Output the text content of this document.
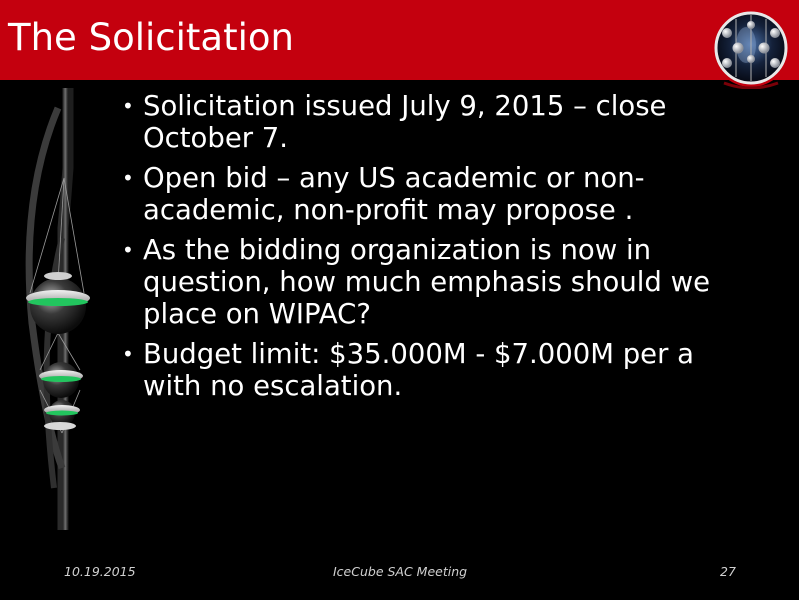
The Solicitation
• Solicitation issued July 9, 2015 – close October 7.
• Open bid – any US academic or non-academic, non-profit may propose .
• As the bidding organization is now in question, how much emphasis should we place on WIPAC?
• Budget limit: $35.000M - $7.000M per a with no escalation.
10.19.2015	IceCube SAC Meeting	27
